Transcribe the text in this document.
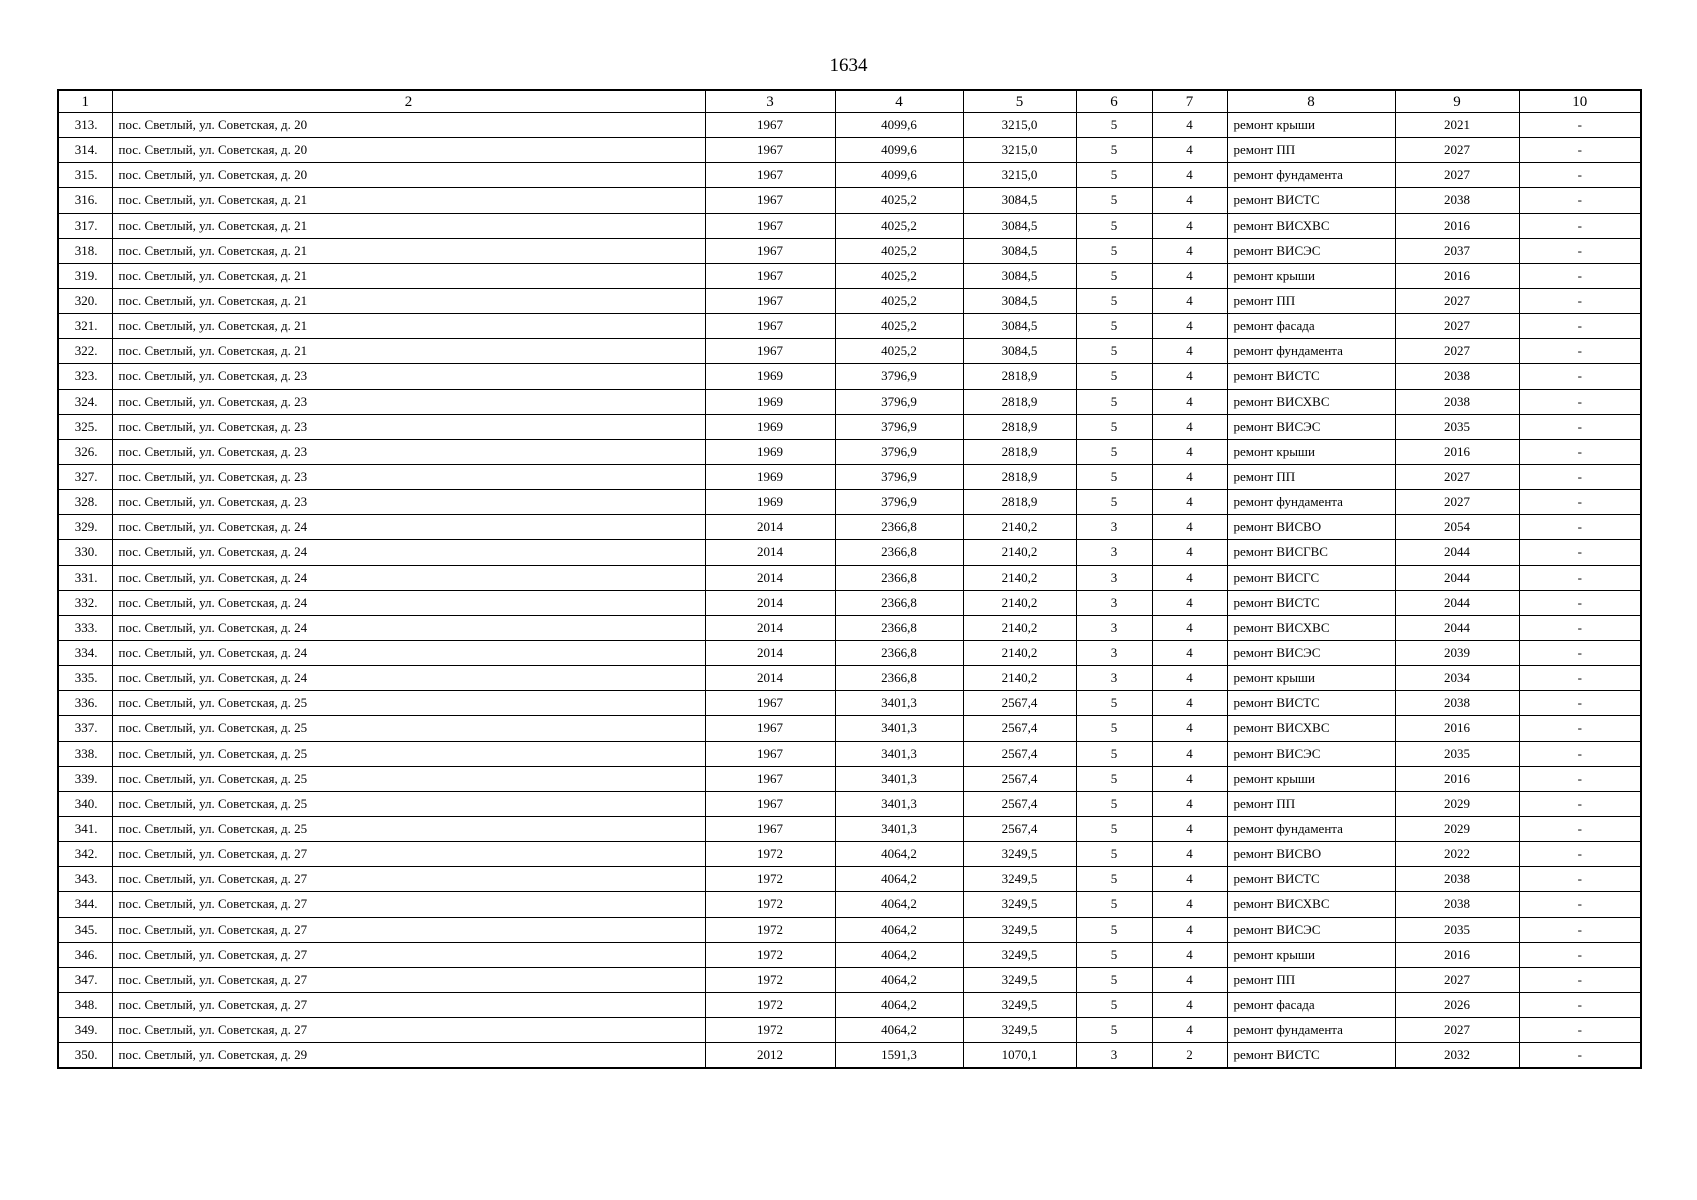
1634
1	2	3	4	5	6	7	8	9	10
313.	пос. Светлый, ул. Советская, д. 20	1967	4099,6	3215,0	5	4	ремонт крыши	2021	-
314.	пос. Светлый, ул. Советская, д. 20	1967	4099,6	3215,0	5	4	ремонт ПП	2027	-
315.	пос. Светлый, ул. Советская, д. 20	1967	4099,6	3215,0	5	4	ремонт фундамента	2027	-
316.	пос. Светлый, ул. Советская, д. 21	1967	4025,2	3084,5	5	4	ремонт ВИСТС	2038	-
317.	пос. Светлый, ул. Советская, д. 21	1967	4025,2	3084,5	5	4	ремонт ВИСХВС	2016	-
318.	пос. Светлый, ул. Советская, д. 21	1967	4025,2	3084,5	5	4	ремонт ВИСЭС	2037	-
319.	пос. Светлый, ул. Советская, д. 21	1967	4025,2	3084,5	5	4	ремонт крыши	2016	-
320.	пос. Светлый, ул. Советская, д. 21	1967	4025,2	3084,5	5	4	ремонт ПП	2027	-
321.	пос. Светлый, ул. Советская, д. 21	1967	4025,2	3084,5	5	4	ремонт фасада	2027	-
322.	пос. Светлый, ул. Советская, д. 21	1967	4025,2	3084,5	5	4	ремонт фундамента	2027	-
323.	пос. Светлый, ул. Советская, д. 23	1969	3796,9	2818,9	5	4	ремонт ВИСТС	2038	-
324.	пос. Светлый, ул. Советская, д. 23	1969	3796,9	2818,9	5	4	ремонт ВИСХВС	2038	-
325.	пос. Светлый, ул. Советская, д. 23	1969	3796,9	2818,9	5	4	ремонт ВИСЭС	2035	-
326.	пос. Светлый, ул. Советская, д. 23	1969	3796,9	2818,9	5	4	ремонт крыши	2016	-
327.	пос. Светлый, ул. Советская, д. 23	1969	3796,9	2818,9	5	4	ремонт ПП	2027	-
328.	пос. Светлый, ул. Советская, д. 23	1969	3796,9	2818,9	5	4	ремонт фундамента	2027	-
329.	пос. Светлый, ул. Советская, д. 24	2014	2366,8	2140,2	3	4	ремонт ВИСВО	2054	-
330.	пос. Светлый, ул. Советская, д. 24	2014	2366,8	2140,2	3	4	ремонт ВИСГВС	2044	-
331.	пос. Светлый, ул. Советская, д. 24	2014	2366,8	2140,2	3	4	ремонт ВИСГС	2044	-
332.	пос. Светлый, ул. Советская, д. 24	2014	2366,8	2140,2	3	4	ремонт ВИСТС	2044	-
333.	пос. Светлый, ул. Советская, д. 24	2014	2366,8	2140,2	3	4	ремонт ВИСХВС	2044	-
334.	пос. Светлый, ул. Советская, д. 24	2014	2366,8	2140,2	3	4	ремонт ВИСЭС	2039	-
335.	пос. Светлый, ул. Советская, д. 24	2014	2366,8	2140,2	3	4	ремонт крыши	2034	-
336.	пос. Светлый, ул. Советская, д. 25	1967	3401,3	2567,4	5	4	ремонт ВИСТС	2038	-
337.	пос. Светлый, ул. Советская, д. 25	1967	3401,3	2567,4	5	4	ремонт ВИСХВС	2016	-
338.	пос. Светлый, ул. Советская, д. 25	1967	3401,3	2567,4	5	4	ремонт ВИСЭС	2035	-
339.	пос. Светлый, ул. Советская, д. 25	1967	3401,3	2567,4	5	4	ремонт крыши	2016	-
340.	пос. Светлый, ул. Советская, д. 25	1967	3401,3	2567,4	5	4	ремонт ПП	2029	-
341.	пос. Светлый, ул. Советская, д. 25	1967	3401,3	2567,4	5	4	ремонт фундамента	2029	-
342.	пос. Светлый, ул. Советская, д. 27	1972	4064,2	3249,5	5	4	ремонт ВИСВО	2022	-
343.	пос. Светлый, ул. Советская, д. 27	1972	4064,2	3249,5	5	4	ремонт ВИСТС	2038	-
344.	пос. Светлый, ул. Советская, д. 27	1972	4064,2	3249,5	5	4	ремонт ВИСХВС	2038	-
345.	пос. Светлый, ул. Советская, д. 27	1972	4064,2	3249,5	5	4	ремонт ВИСЭС	2035	-
346.	пос. Светлый, ул. Советская, д. 27	1972	4064,2	3249,5	5	4	ремонт крыши	2016	-
347.	пос. Светлый, ул. Советская, д. 27	1972	4064,2	3249,5	5	4	ремонт ПП	2027	-
348.	пос. Светлый, ул. Советская, д. 27	1972	4064,2	3249,5	5	4	ремонт фасада	2026	-
349.	пос. Светлый, ул. Советская, д. 27	1972	4064,2	3249,5	5	4	ремонт фундамента	2027	-
350.	пос. Светлый, ул. Советская, д. 29	2012	1591,3	1070,1	3	2	ремонт ВИСТС	2032	-
